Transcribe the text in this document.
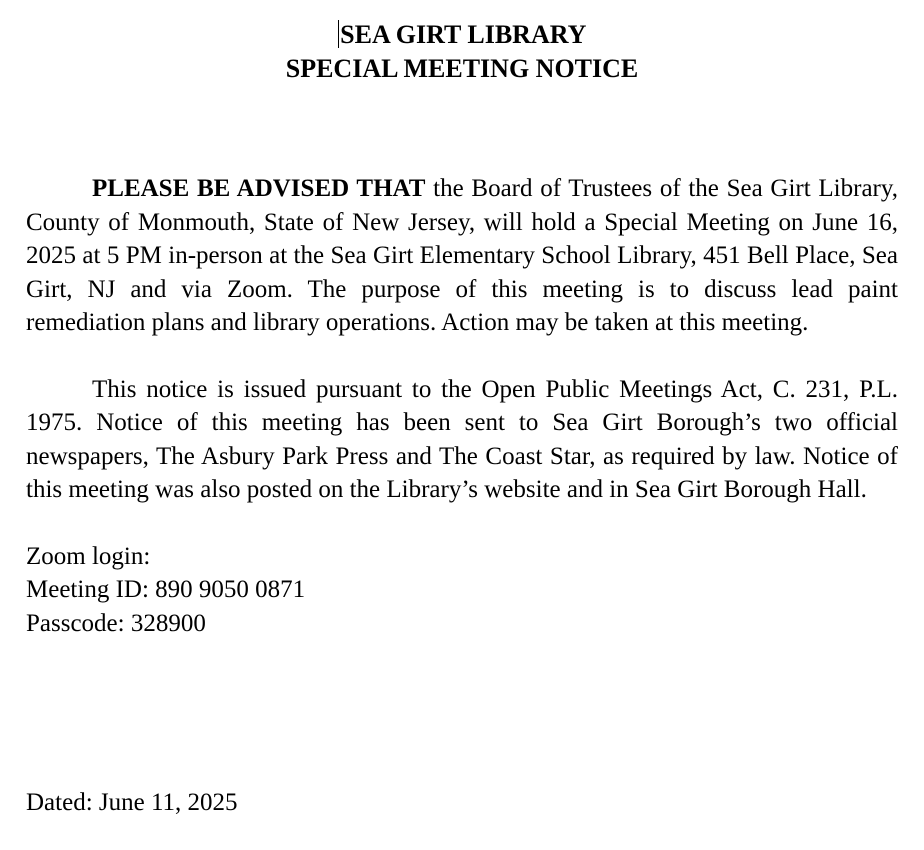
SEA GIRT LIBRARY
SPECIAL MEETING NOTICE

PLEASE BE ADVISED THAT the Board of Trustees of the Sea Girt Library, County of Monmouth, State of New Jersey, will hold a Special Meeting on June 16, 2025 at 5 PM in-person at the Sea Girt Elementary School Library, 451 Bell Place, Sea Girt, NJ and via Zoom. The purpose of this meeting is to discuss lead paint remediation plans and library operations. Action may be taken at this meeting.

This notice is issued pursuant to the Open Public Meetings Act, C. 231, P.L. 1975. Notice of this meeting has been sent to Sea Girt Borough’s two official newspapers, The Asbury Park Press and The Coast Star, as required by law. Notice of this meeting was also posted on the Library’s website and in Sea Girt Borough Hall.

Zoom login:
Meeting ID: 890 9050 0871
Passcode: 328900
Dated: June 11, 2025
